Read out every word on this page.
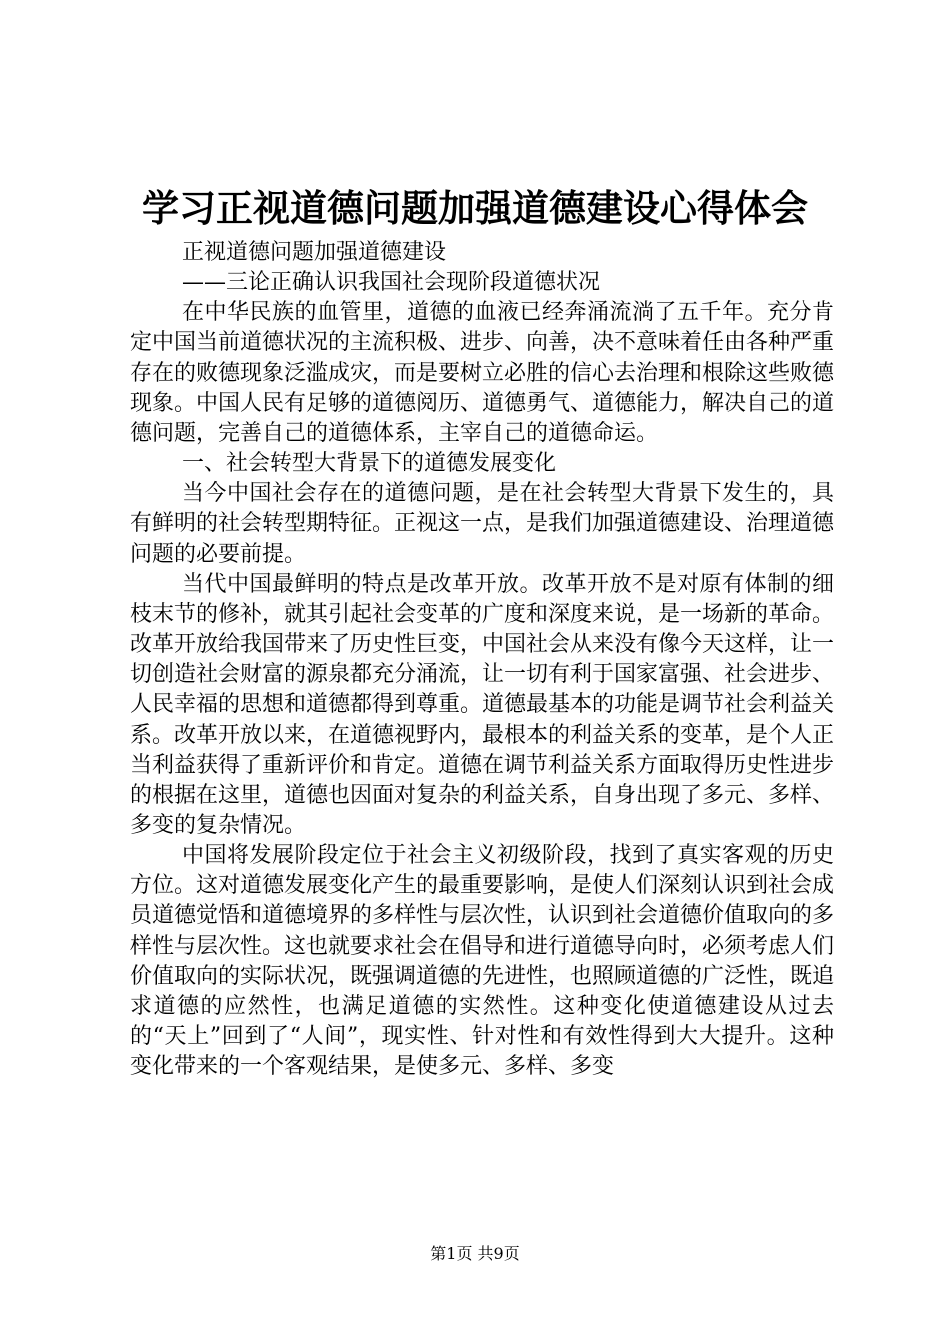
学习正视道德问题加强道德建设心得体会

正视道德问题加强道德建设

——三论正确认识我国社会现阶段道德状况

在中华民族的血管里，道德的血液已经奔涌流淌了五千年。充分肯定中国当前道德状况的主流积极、进步、向善，决不意味着任由各种严重存在的败德现象泛滥成灾，而是要树立必胜的信心去治理和根除这些败德现象。中国人民有足够的道德阅历、道德勇气、道德能力，解决自己的道德问题，完善自己的道德体系，主宰自己的道德命运。

一、社会转型大背景下的道德发展变化

当今中国社会存在的道德问题，是在社会转型大背景下发生的，具有鲜明的社会转型期特征。正视这一点，是我们加强道德建设、治理道德问题的必要前提。

当代中国最鲜明的特点是改革开放。改革开放不是对原有体制的细枝末节的修补，就其引起社会变革的广度和深度来说，是一场新的革命。改革开放给我国带来了历史性巨变，中国社会从来没有像今天这样，让一切创造社会财富的源泉都充分涌流，让一切有利于国家富强、社会进步、人民幸福的思想和道德都得到尊重。道德最基本的功能是调节社会利益关系。改革开放以来，在道德视野内，最根本的利益关系的变革，是个人正当利益获得了重新评价和肯定。道德在调节利益关系方面取得历史性进步的根据在这里，道德也因面对复杂的利益关系，自身出现了多元、多样、多变的复杂情况。

中国将发展阶段定位于社会主义初级阶段，找到了真实客观的历史方位。这对道德发展变化产生的最重要影响，是使人们深刻认识到社会成员道德觉悟和道德境界的多样性与层次性，认识到社会道德价值取向的多样性与层次性。这也就要求社会在倡导和进行道德导向时，必须考虑人们价值取向的实际状况，既强调道德的先进性，也照顾道德的广泛性，既追求道德的应然性，也满足道德的实然性。这种变化使道德建设从过去的“天上”回到了“人间”，现实性、针对性和有效性得到大大提升。这种变化带来的一个客观结果，是使多元、多样、多变

第1页 共9页
